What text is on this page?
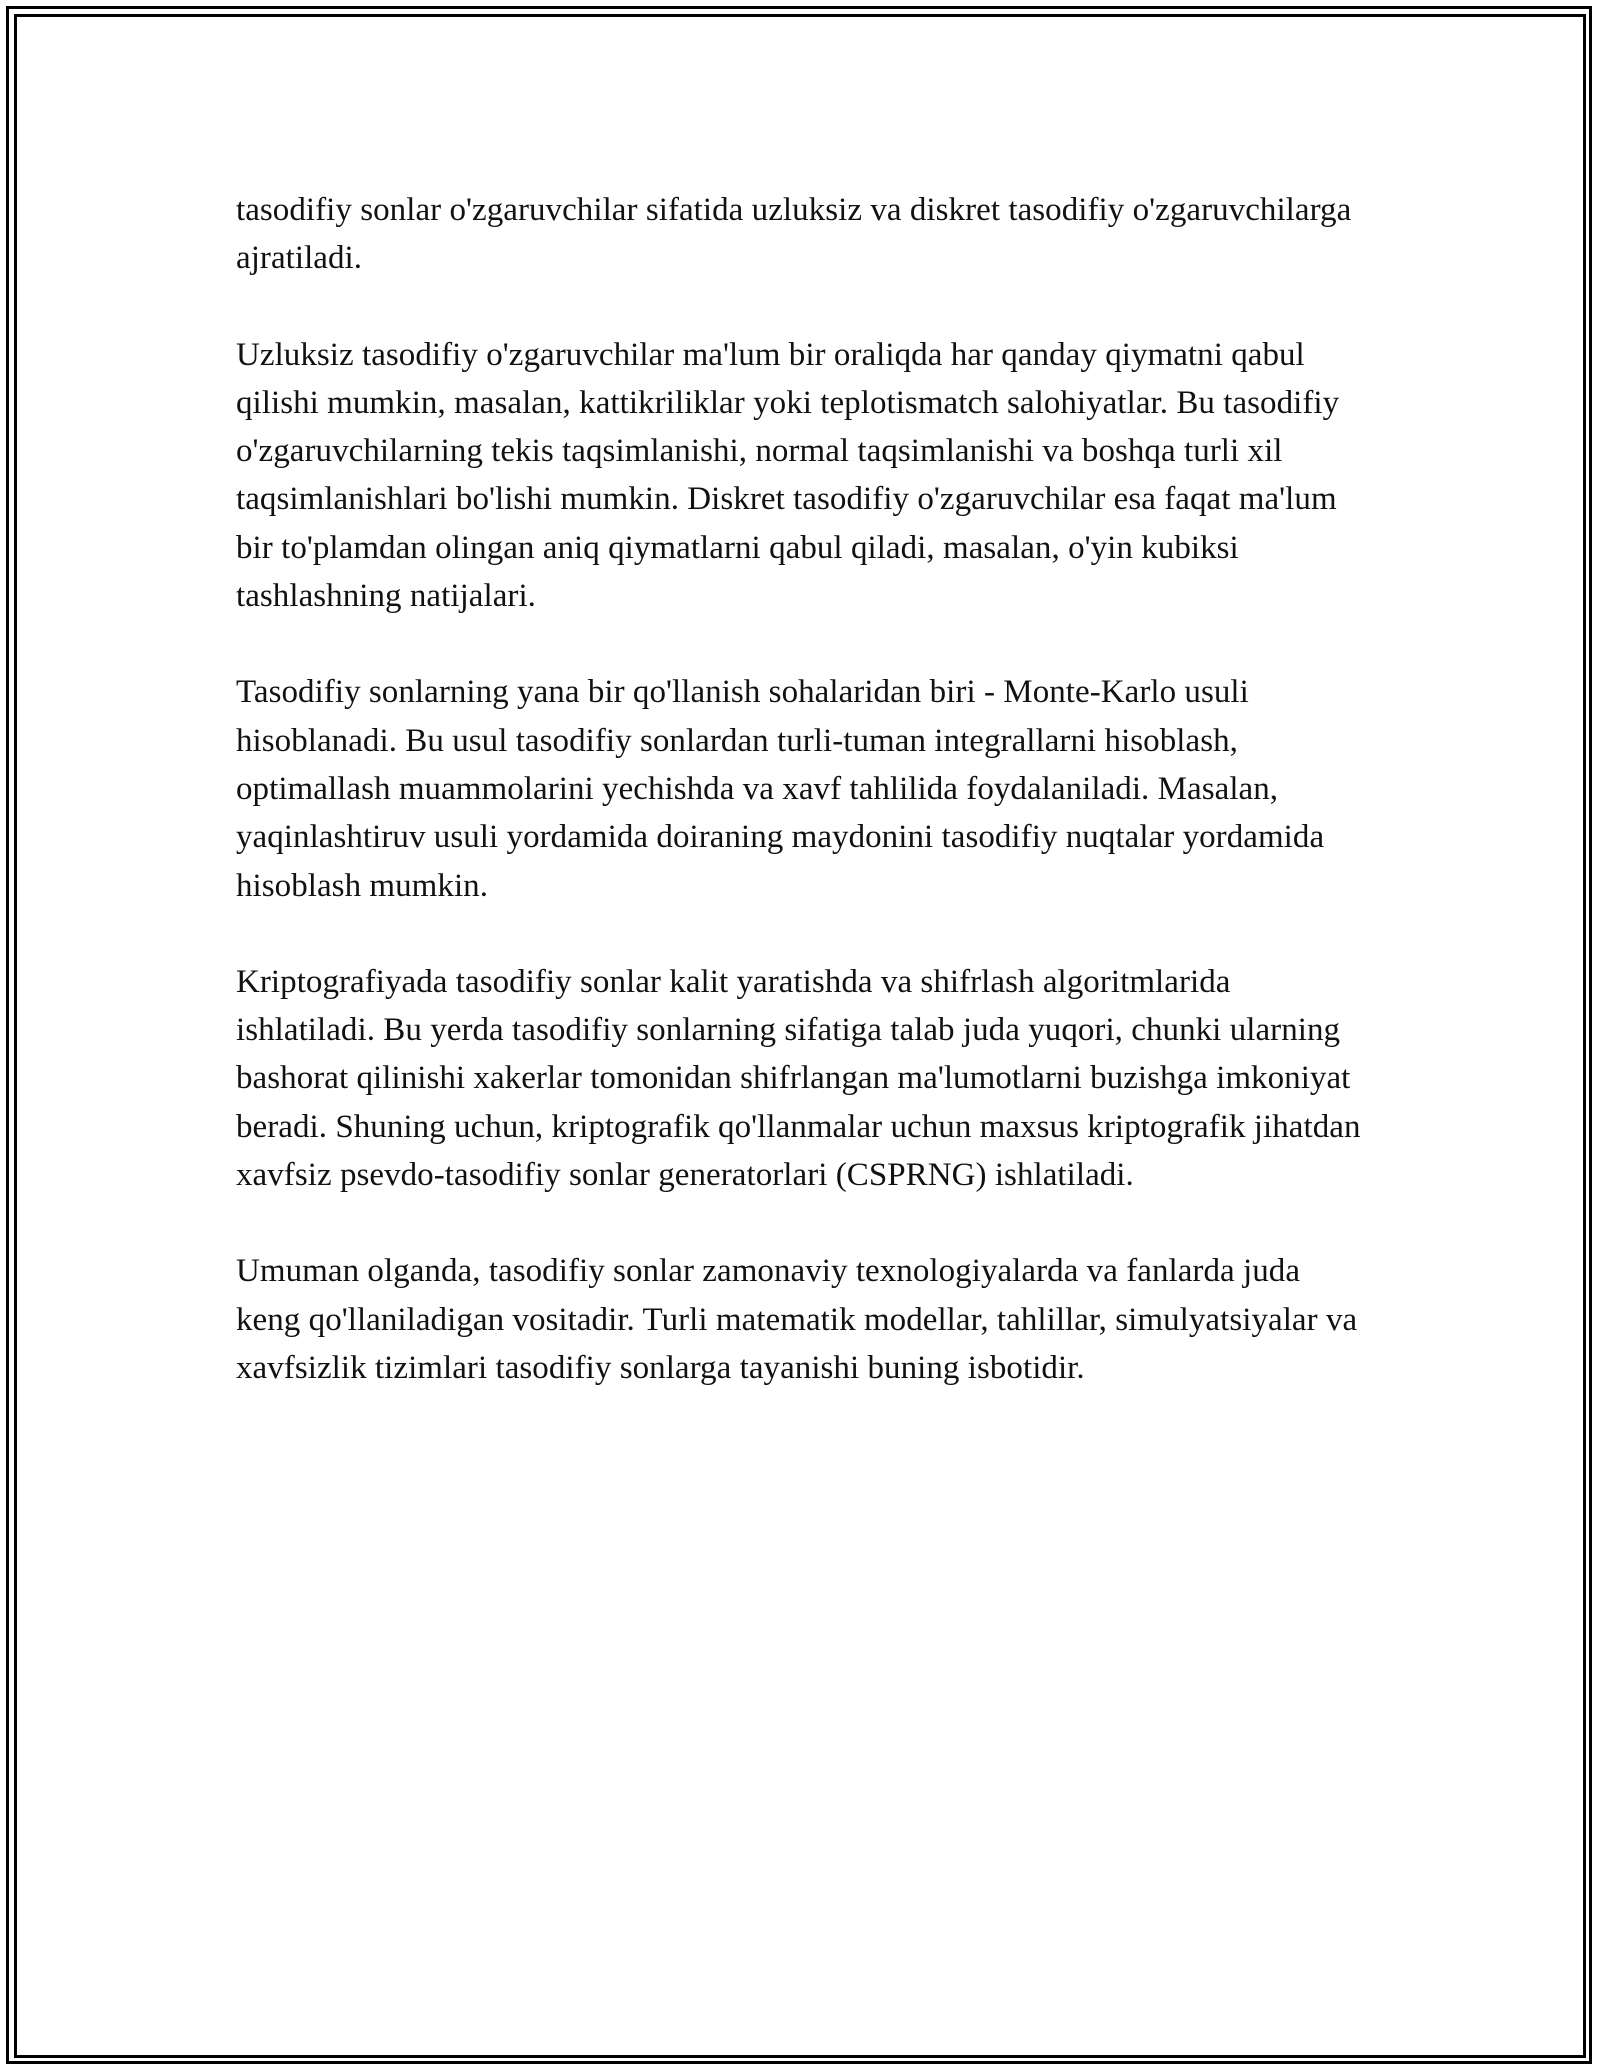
tasodifiy sonlar o'zgaruvchilar sifatida uzluksiz va diskret tasodifiy o'zgaruvchilarga ajratiladi.

Uzluksiz tasodifiy o'zgaruvchilar ma'lum bir oraliqda har qanday qiymatni qabul qilishi mumkin, masalan, kattikriliklar yoki teplotismatch salohiyatlar. Bu tasodifiy o'zgaruvchilarning tekis taqsimlanishi, normal taqsimlanishi va boshqa turli xil taqsimlanishlari bo'lishi mumkin. Diskret tasodifiy o'zgaruvchilar esa faqat ma'lum bir to'plamdan olingan aniq qiymatlarni qabul qiladi, masalan, o'yin kubiksi tashlashning natijalari.

Tasodifiy sonlarning yana bir qo'llanish sohalaridan biri - Monte-Karlo usuli hisoblanadi. Bu usul tasodifiy sonlardan turli-tuman integrallarni hisoblash, optimallash muammolarini yechishda va xavf tahlilida foydalaniladi. Masalan, yaqinlashtiruv usuli yordamida doiraning maydonini tasodifiy nuqtalar yordamida hisoblash mumkin.

Kriptografiyada tasodifiy sonlar kalit yaratishda va shifrlash algoritmlarida ishlatiladi. Bu yerda tasodifiy sonlarning sifatiga talab juda yuqori, chunki ularning bashorat qilinishi xakerlar tomonidan shifrlangan ma'lumotlarni buzishga imkoniyat beradi. Shuning uchun, kriptografik qo'llanmalar uchun maxsus kriptografik jihatdan xavfsiz psevdo-tasodifiy sonlar generatorlari (CSPRNG) ishlatiladi.

Umuman olganda, tasodifiy sonlar zamonaviy texnologiyalarda va fanlarda juda keng qo'llaniladigan vositadir. Turli matematik modellar, tahlillar, simulyatsiyalar va xavfsizlik tizimlari tasodifiy sonlarga tayanishi buning isbotidir.
